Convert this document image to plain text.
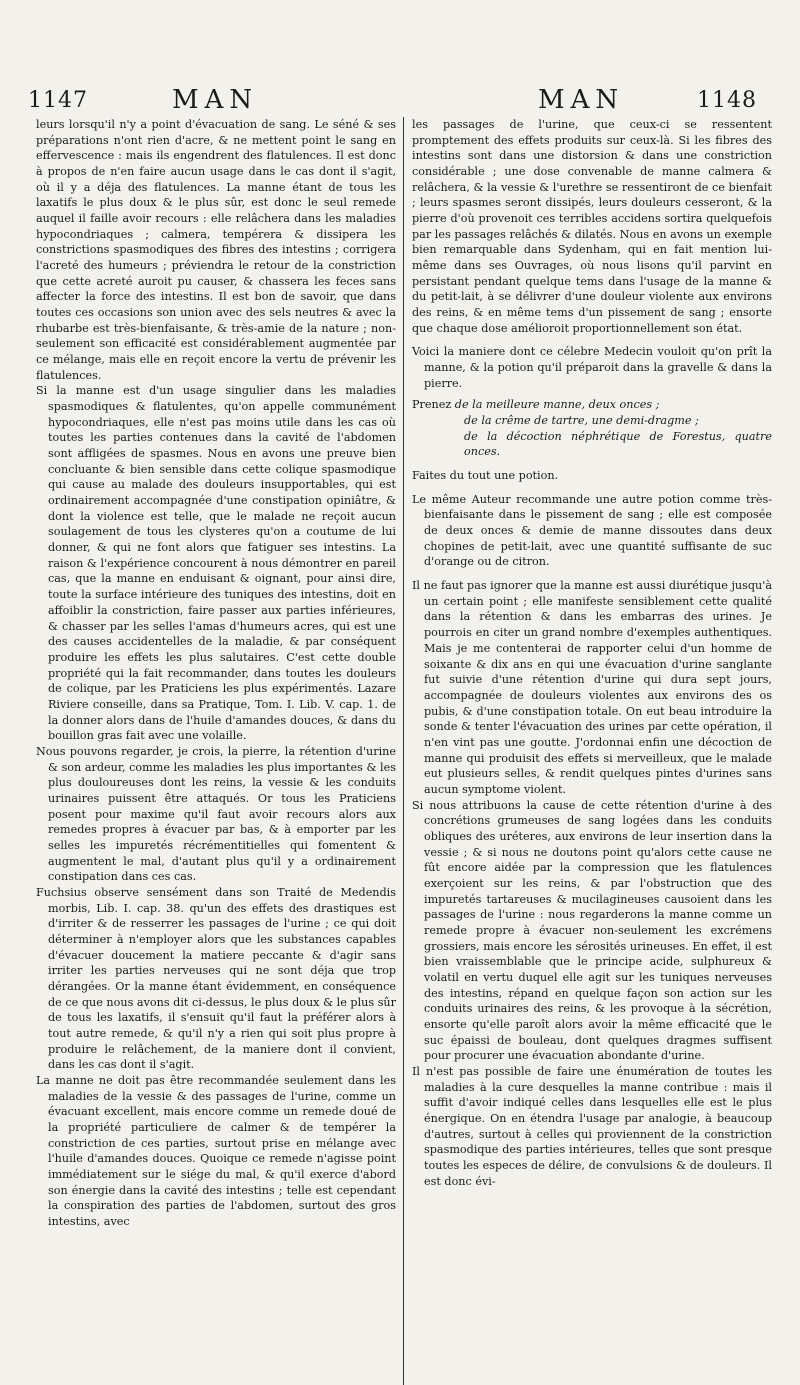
1147	MAN	MAN	1148

leurs lorsqu'il n'y a point d'évacuation de sang. Le séné & ses préparations n'ont rien d'acre, & ne mettent point le sang en effervescence : mais ils engendrent des flatulences. Il est donc à propos de n'en faire aucun usage dans le cas dont il s'agit, où il y a déja des flatulences. La manne étant de tous les laxatifs le plus doux & le plus sûr, est donc le seul remede auquel il faille avoir recours : elle relâchera dans les maladies hypocondriaques ; calmera, tempérera & dissipera les constrictions spasmodiques des fibres des intestins ; corrigera l'acreté des humeurs ; préviendra le retour de la constriction que cette acreté auroit pu causer, & chassera les feces sans affecter la force des intestins. Il est bon de savoir, que dans toutes ces occasions son union avec des sels neutres & avec la rhubarbe est très-bienfaisante, & très-amie de la nature ; non-seulement son efficacité est considérablement augmentée par ce mélange, mais elle en reçoit encore la vertu de prévenir les flatulences.

Si la manne est d'un usage singulier dans les maladies spasmodiques & flatulentes, qu'on appelle communément hypocondriaques, elle n'est pas moins utile dans les cas où toutes les parties contenues dans la cavité de l'abdomen sont affligées de spasmes. Nous en avons une preuve bien concluante & bien sensible dans cette colique spasmodique qui cause au malade des douleurs insupportables, qui est ordinairement accompagnée d'une constipation opiniâtre, & dont la violence est telle, que le malade ne reçoit aucun soulagement de tous les clysteres qu'on a coutume de lui donner, & qui ne font alors que fatiguer ses intestins. La raison & l'expérience concourent à nous démontrer en pareil cas, que la manne en enduisant & oignant, pour ainsi dire, toute la surface intérieure des tuniques des intestins, doit en affoiblir la constriction, faire passer aux parties inférieures, & chasser par les selles l'amas d'humeurs acres, qui est une des causes accidentelles de la maladie, & par conséquent produire les effets les plus salutaires. C'est cette double propriété qui la fait recommander, dans toutes les douleurs de colique, par les Praticiens les plus expérimentés. Lazare Riviere conseille, dans sa Pratique, Tom. I. Lib. V. cap. 1. de la donner alors dans de l'huile d'amandes douces, & dans du bouillon gras fait avec une volaille.

Nous pouvons regarder, je crois, la pierre, la rétention d'urine & son ardeur, comme les maladies les plus importantes & les plus douloureuses dont les reins, la vessie & les conduits urinaires puissent être attaqués. Or tous les Praticiens posent pour maxime qu'il faut avoir recours alors aux remedes propres à évacuer par bas, & à emporter par les selles les impuretés récrémentitielles qui fomentent & augmentent le mal, d'autant plus qu'il y a ordinairement constipation dans ces cas.

Fuchsius observe sensément dans son Traité de Medendis morbis, Lib. I. cap. 38. qu'un des effets des drastiques est d'irriter & de resserrer les passages de l'urine ; ce qui doit déterminer à n'employer alors que les substances capables d'évacuer doucement la matiere peccante & d'agir sans irriter les parties nerveuses qui ne sont déja que trop dérangées. Or la manne étant évidemment, en conséquence de ce que nous avons dit ci-dessus, le plus doux & le plus sûr de tous les laxatifs, il s'ensuit qu'il faut la préférer alors à tout autre remede, & qu'il n'y a rien qui soit plus propre à produire le relâchement, de la maniere dont il convient, dans les cas dont il s'agit.

La manne ne doit pas être recommandée seulement dans les maladies de la vessie & des passages de l'urine, comme un évacuant excellent, mais encore comme un remede doué de la propriété particuliere de calmer & de tempérer la constriction de ces parties, surtout prise en mélange avec l'huile d'amandes douces. Quoique ce remede n'agisse point immédiatement sur le siége du mal, & qu'il exerce d'abord son énergie dans la cavité des intestins ; telle est cependant la conspiration des parties de l'abdomen, surtout des gros intestins, avec

les passages de l'urine, que ceux-ci se ressentent promptement des effets produits sur ceux-là. Si les fibres des intestins sont dans une distorsion & dans une constriction considérable ; une dose convenable de manne calmera & relâchera, & la vessie & l'urethre se ressentiront de ce bienfait ; leurs spasmes seront dissipés, leurs douleurs cesseront, & la pierre d'où provenoit ces terribles accidens sortira quelquefois par les passages relâchés & dilatés. Nous en avons un exemple bien remarquable dans Sydenham, qui en fait mention lui-même dans ses Ouvrages, où nous lisons qu'il parvint en persistant pendant quelque tems dans l'usage de la manne & du petit-lait, à se délivrer d'une douleur violente aux environs des reins, & en même tems d'un pissement de sang ; ensorte que chaque dose amélioroit proportionnellement son état.

Voici la maniere dont ce célebre Medecin vouloit qu'on prît la manne, & la potion qu'il préparoit dans la gravelle & dans la pierre.

Prenez de la meilleure manne, deux onces ;
de la crême de tartre, une demi-dragme ;
de la décoction néphrétique de Forestus, quatre onces.

Faites du tout une potion.

Le même Auteur recommande une autre potion comme très-bienfaisante dans le pissement de sang ; elle est composée de deux onces & demie de manne dissoutes dans deux chopines de petit-lait, avec une quantité suffisante de suc d'orange ou de citron.

Il ne faut pas ignorer que la manne est aussi diurétique jusqu'à un certain point ; elle manifeste sensiblement cette qualité dans la rétention & dans les embarras des urines. Je pourrois en citer un grand nombre d'exemples authentiques. Mais je me contenterai de rapporter celui d'un homme de soixante & dix ans en qui une évacuation d'urine sanglante fut suivie d'une rétention d'urine qui dura sept jours, accompagnée de douleurs violentes aux environs des os pubis, & d'une constipation totale. On eut beau introduire la sonde & tenter l'évacuation des urines par cette opération, il n'en vint pas une goutte. J'ordonnai enfin une décoction de manne qui produisit des effets si merveilleux, que le malade eut plusieurs selles, & rendit quelques pintes d'urines sans aucun symptome violent.

Si nous attribuons la cause de cette rétention d'urine à des concrétions grumeuses de sang logées dans les conduits obliques des uréteres, aux environs de leur insertion dans la vessie ; & si nous ne doutons point qu'alors cette cause ne fût encore aidée par la compression que les flatulences exerçoient sur les reins, & par l'obstruction que des impuretés tartareuses & mucilagineuses causoient dans les passages de l'urine : nous regarderons la manne comme un remede propre à évacuer non-seulement les excrémens grossiers, mais encore les sérosités urineuses. En effet, il est bien vraissemblable que le principe acide, sulphureux & volatil en vertu duquel elle agit sur les tuniques nerveuses des intestins, répand en quelque façon son action sur les conduits urinaires des reins, & les provoque à la sécrétion, ensorte qu'elle paroît alors avoir la même efficacité que le suc épaissi de bouleau, dont quelques dragmes suffisent pour procurer une évacuation abondante d'urine.

Il n'est pas possible de faire une énumération de toutes les maladies à la cure desquelles la manne contribue : mais il suffit d'avoir indiqué celles dans lesquelles elle est le plus énergique. On en étendra l'usage par analogie, à beaucoup d'autres, surtout à celles qui proviennent de la constriction spasmodique des parties intérieures, telles que sont presque toutes les especes de délire, de convulsions & de douleurs. Il est donc évi-
